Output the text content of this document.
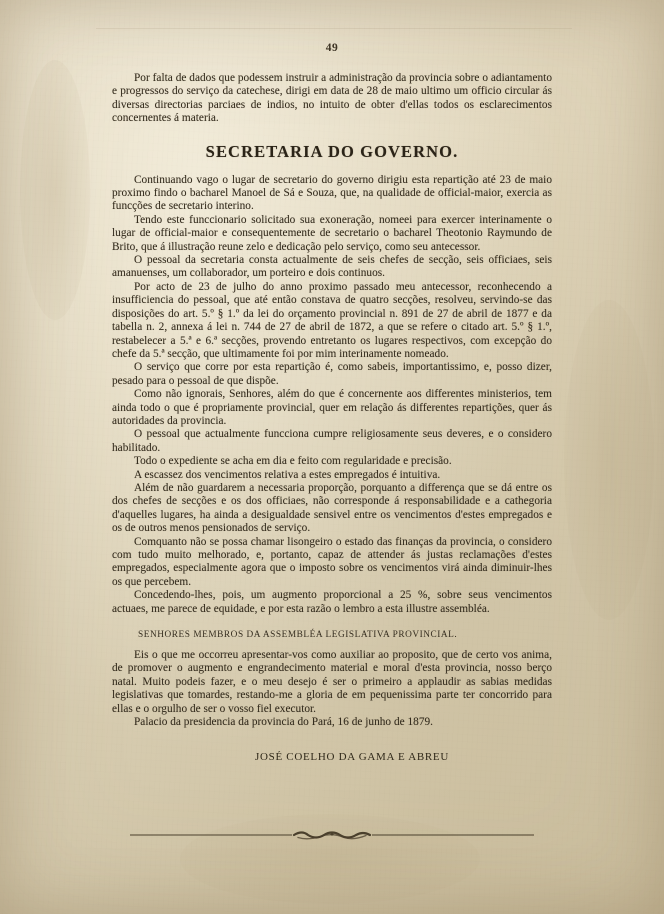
49

Por falta de dados que podessem instruir a administração da provincia sobre o adiantamento e progressos do serviço da catechese, dirigi em data de 28 de maio ultimo um officio circular ás diversas directorias parciaes de indios, no intuito de obter d'ellas todos os esclarecimentos concernentes á materia.

SECRETARIA DO GOVERNO.

Continuando vago o lugar de secretario do governo dirigiu esta repartição até 23 de maio proximo findo o bacharel Manoel de Sá e Souza, que, na qualidade de official-maior, exercia as funcções de secretario interino.

Tendo este funccionario solicitado sua exoneração, nomeei para exercer interinamente o lugar de official-maior e consequentemente de secretario o bacharel Theotonio Raymundo de Brito, que á illustração reune zelo e dedicação pelo serviço, como seu antecessor.

O pessoal da secretaria consta actualmente de seis chefes de secção, seis officiaes, seis amanuenses, um collaborador, um porteiro e dois continuos.

Por acto de 23 de julho do anno proximo passado meu antecessor, reconhecendo a insufficiencia do pessoal, que até então constava de quatro secções, resolveu, servindo-se das disposições do art. 5.º § 1.º da lei do orçamento provincial n. 891 de 27 de abril de 1877 e da tabella n. 2, annexa á lei n. 744 de 27 de abril de 1872, a que se refere o citado art. 5.º § 1.º, restabelecer a 5.ª e 6.ª secções, provendo entretanto os lugares respectivos, com excepção do chefe da 5.ª secção, que ultimamente foi por mim interinamente nomeado.

O serviço que corre por esta repartição é, como sabeis, importantissimo, e, posso dizer, pesado para o pessoal de que dispõe.

Como não ignorais, Senhores, além do que é concernente aos differentes ministerios, tem ainda todo o que é propriamente provincial, quer em relação ás differentes repartições, quer ás autoridades da provincia.

O pessoal que actualmente funcciona cumpre religiosamente seus deveres, e o considero habilitado.

Todo o expediente se acha em dia e feito com regularidade e precisão.

A escassez dos vencimentos relativa a estes empregados é intuitiva.

Além de não guardarem a necessaria proporção, porquanto a differença que se dá entre os dos chefes de secções e os dos officiaes, não corresponde á responsabilidade e a cathegoria d'aquelles lugares, ha ainda a desigualdade sensivel entre os vencimentos d'estes empregados e os de outros menos pensionados de serviço.

Comquanto não se possa chamar lisongeiro o estado das finanças da provincia, o considero com tudo muito melhorado, e, portanto, capaz de attender ás justas reclamações d'estes empregados, especialmente agora que o imposto sobre os vencimentos virá ainda diminuir-lhes os que percebem.

Concedendo-lhes, pois, um augmento proporcional a 25 %, sobre seus vencimentos actuaes, me parece de equidade, e por esta razão o lembro a esta illustre assembléa.

SENHORES MEMBROS DA ASSEMBLÉA LEGISLATIVA PROVINCIAL.

Eis o que me occorreu apresentar-vos como auxiliar ao proposito, que de certo vos anima, de promover o augmento e engrandecimento material e moral d'esta provincia, nosso berço natal. Muito podeis fazer, e o meu desejo é ser o primeiro a applaudir as sabias medidas legislativas que tomardes, restando-me a gloria de em pequenissima parte ter concorrido para ellas e o orgulho de ser o vosso fiel executor.

Palacio da presidencia da provincia do Pará, 16 de junho de 1879.

JOSÉ COELHO DA GAMA E ABREU
